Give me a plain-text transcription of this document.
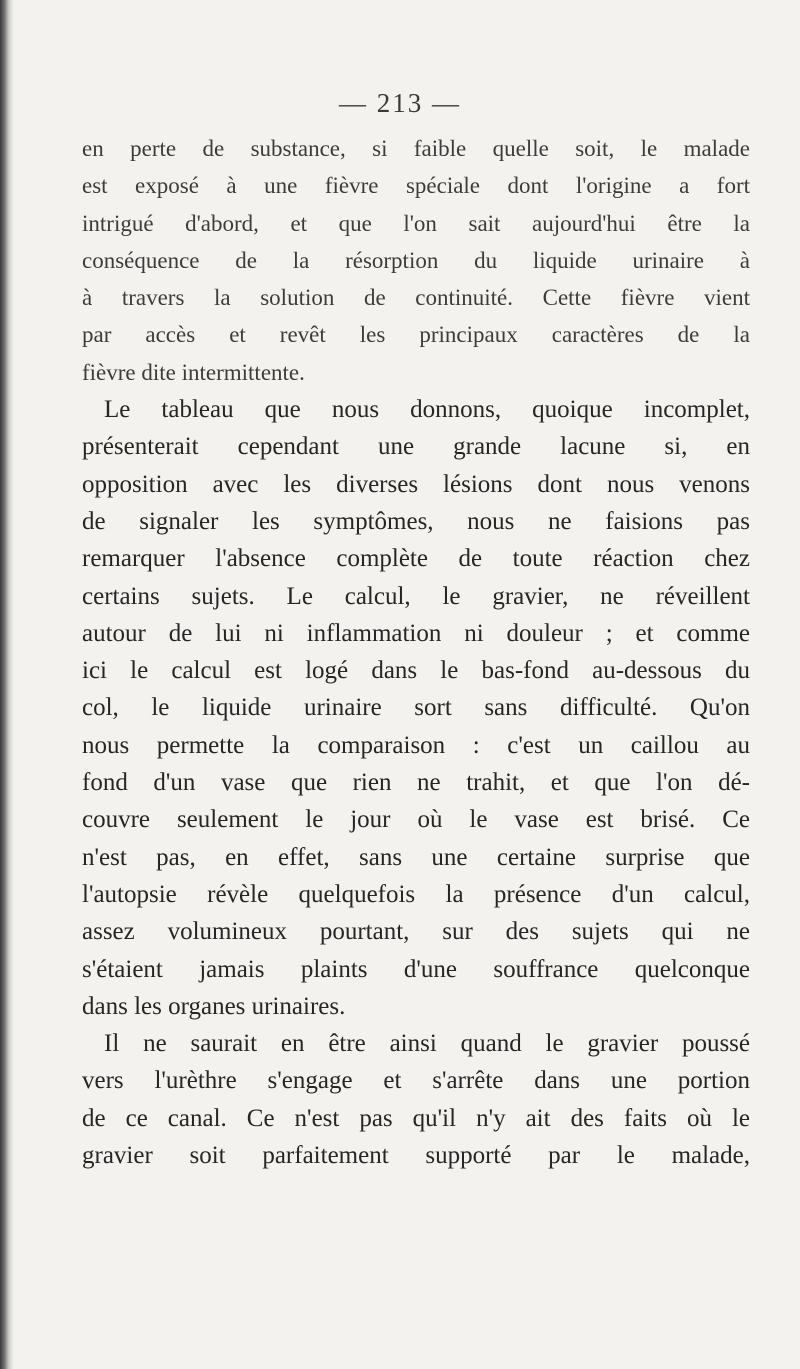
— 213 —
en perte de substance, si faible quelle soit, le malade
est exposé à une fièvre spéciale dont l'origine a fort
intrigué d'abord, et que l'on sait aujourd'hui être la
conséquence de la résorption du liquide urinaire à
à travers la solution de continuité. Cette fièvre vient
par accès et revêt les principaux caractères de la
fièvre dite intermittente.
Le tableau que nous donnons, quoique incomplet,
présenterait cependant une grande lacune si, en
opposition avec les diverses lésions dont nous venons
de signaler les symptômes, nous ne faisions pas
remarquer l'absence complète de toute réaction chez
certains sujets. Le calcul, le gravier, ne réveillent
autour de lui ni inflammation ni douleur ; et comme
ici le calcul est logé dans le bas-fond au-dessous du
col, le liquide urinaire sort sans difficulté. Qu'on
nous permette la comparaison : c'est un caillou au
fond d'un vase que rien ne trahit, et que l'on dé-
couvre seulement le jour où le vase est brisé. Ce
n'est pas, en effet, sans une certaine surprise que
l'autopsie révèle quelquefois la présence d'un calcul,
assez volumineux pourtant, sur des sujets qui ne
s'étaient jamais plaints d'une souffrance quelconque
dans les organes urinaires.
Il ne saurait en être ainsi quand le gravier poussé
vers l'urèthre s'engage et s'arrête dans une portion
de ce canal. Ce n'est pas qu'il n'y ait des faits où le
gravier soit parfaitement supporté par le malade,
